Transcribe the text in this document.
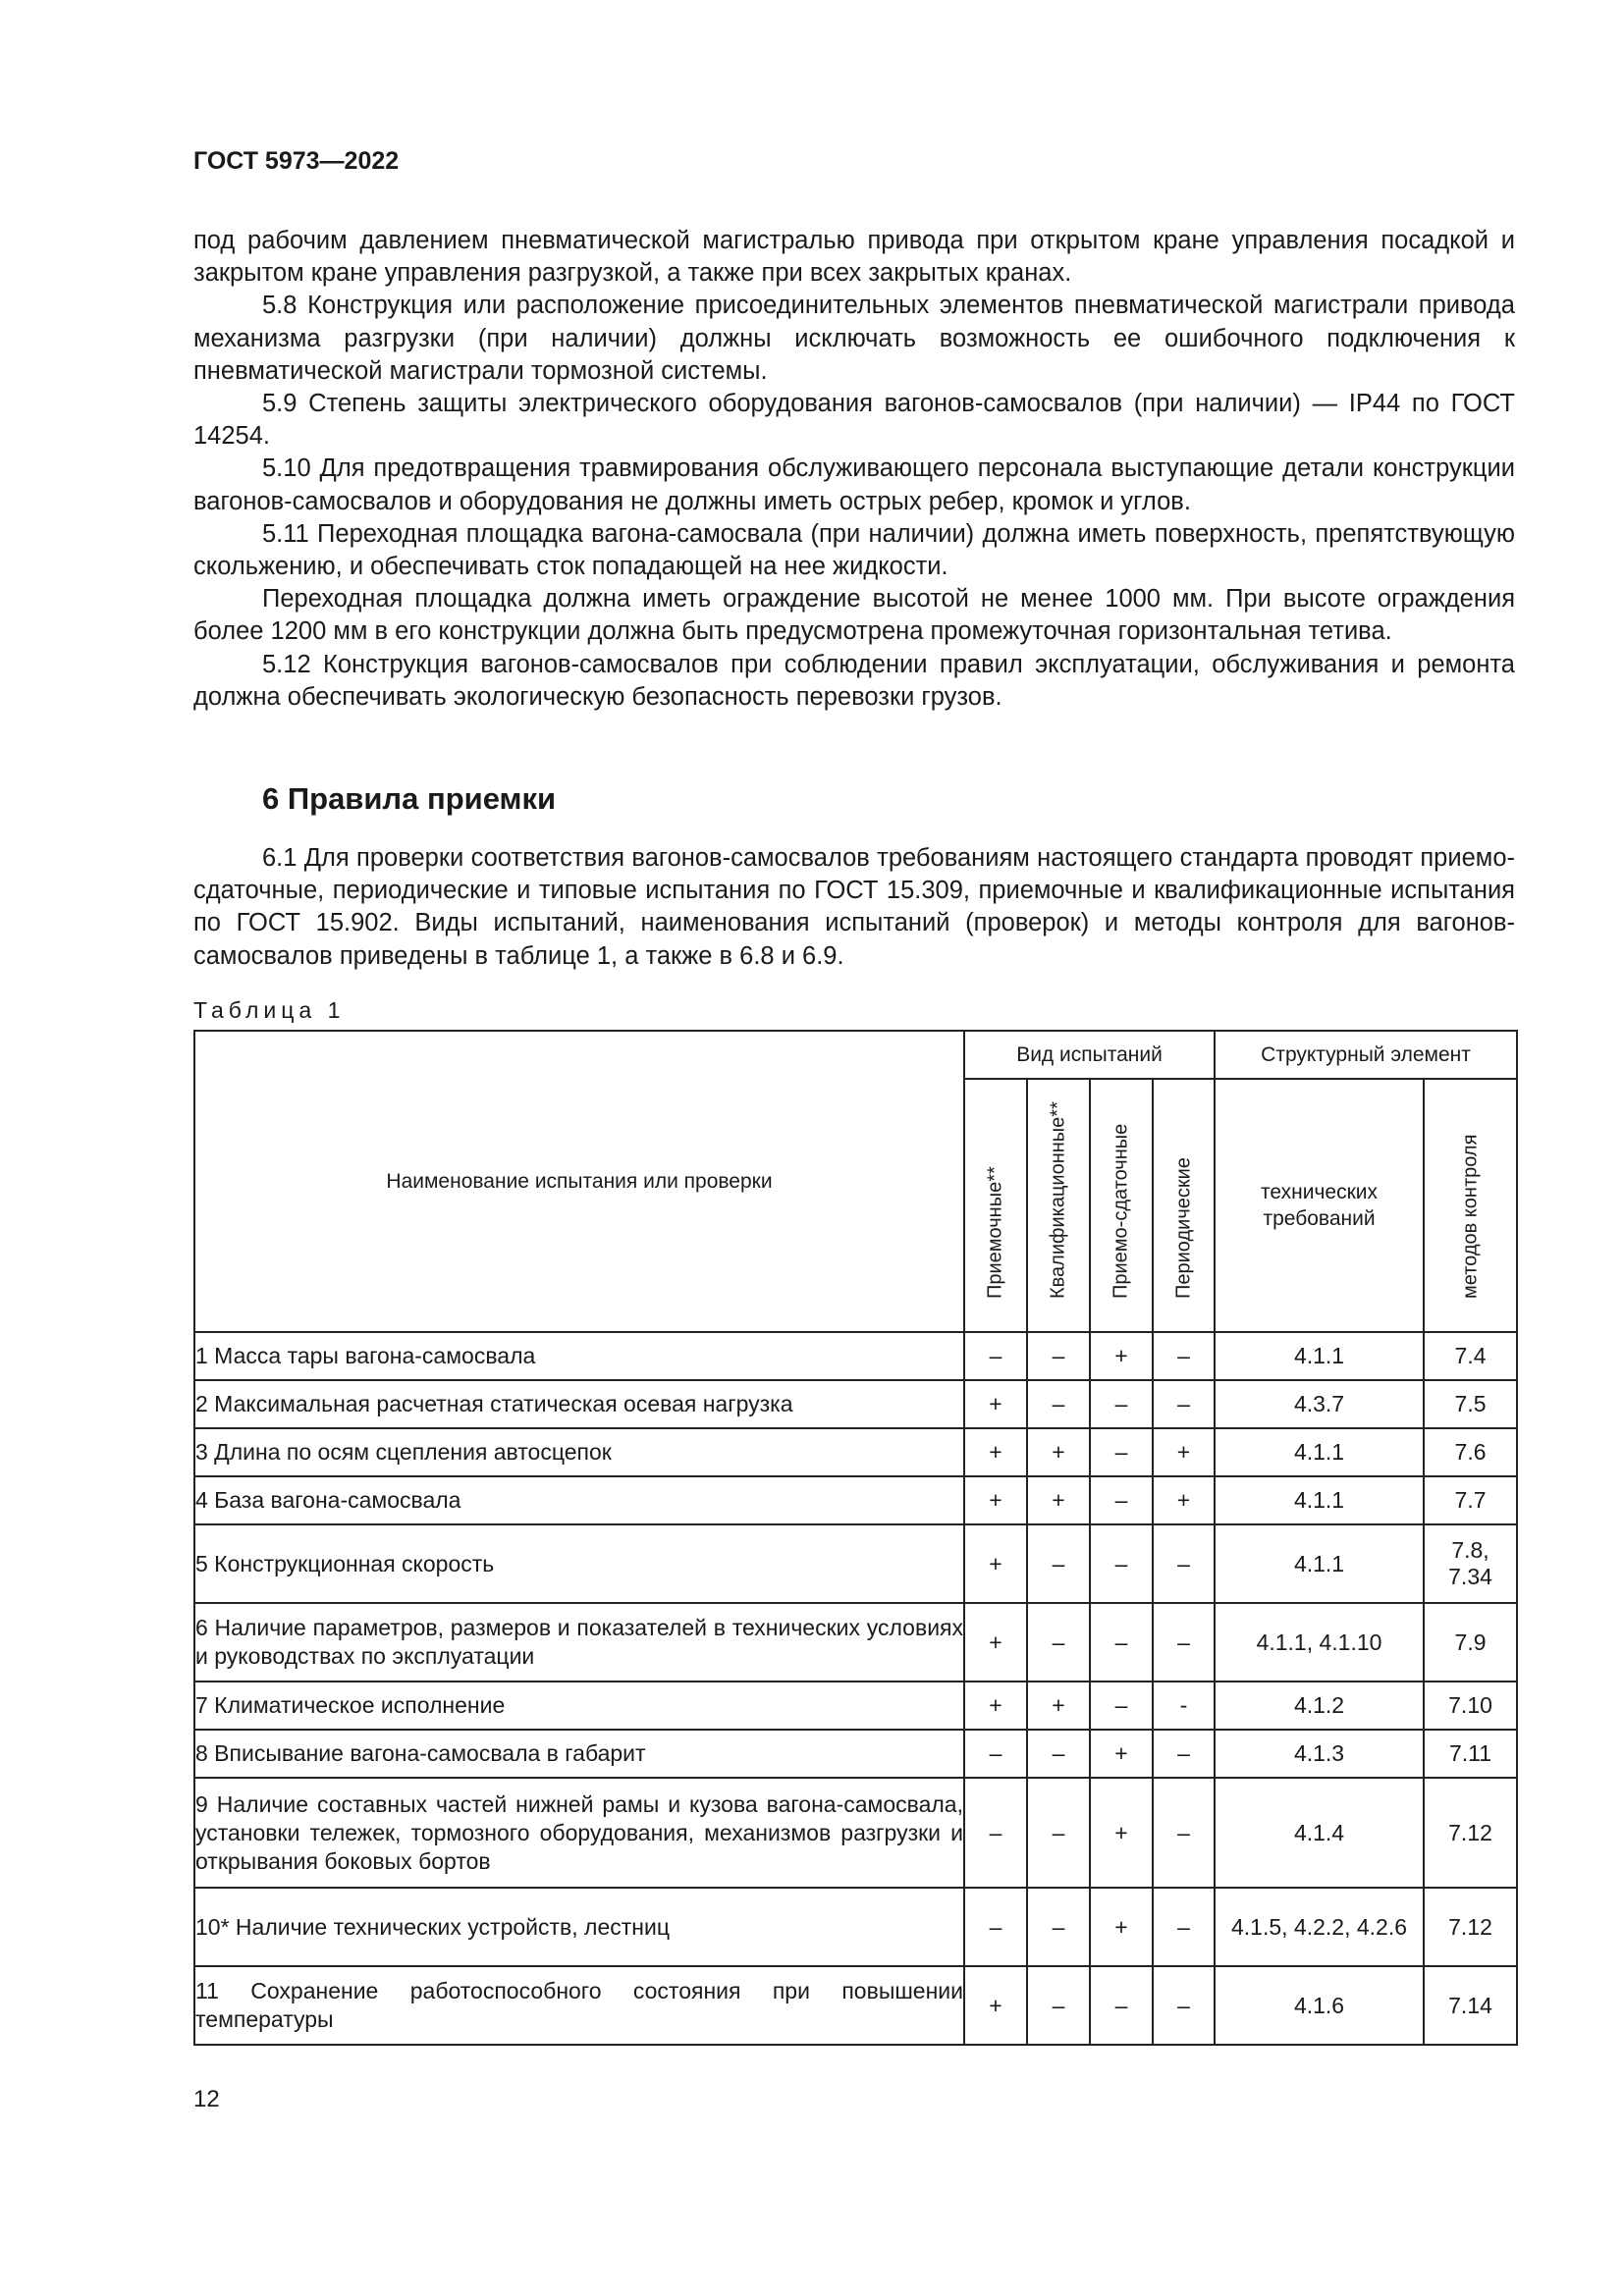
ГОСТ 5973—2022

под рабочим давлением пневматической магистралью привода при открытом кране управления посадкой и закрытом кране управления разгрузкой, а также при всех закрытых кранах.

5.8 Конструкция или расположение присоединительных элементов пневматической магистрали привода механизма разгрузки (при наличии) должны исключать возможность ее ошибочного подключения к пневматической магистрали тормозной системы.

5.9 Степень защиты электрического оборудования вагонов-самосвалов (при наличии) — IP44 по ГОСТ 14254.

5.10 Для предотвращения травмирования обслуживающего персонала выступающие детали конструкции вагонов-самосвалов и оборудования не должны иметь острых ребер, кромок и углов.

5.11 Переходная площадка вагона-самосвала (при наличии) должна иметь поверхность, препятствующую скольжению, и обеспечивать сток попадающей на нее жидкости.

Переходная площадка должна иметь ограждение высотой не менее 1000 мм. При высоте ограждения более 1200 мм в его конструкции должна быть предусмотрена промежуточная горизонтальная тетива.

5.12 Конструкция вагонов-самосвалов при соблюдении правил эксплуатации, обслуживания и ремонта должна обеспечивать экологическую безопасность перевозки грузов.

6 Правила приемки

6.1 Для проверки соответствия вагонов-самосвалов требованиям настоящего стандарта проводят приемо-сдаточные, периодические и типовые испытания по ГОСТ 15.309, приемочные и квалификационные испытания по ГОСТ 15.902. Виды испытаний, наименования испытаний (проверок) и методы контроля для вагонов-самосвалов приведены в таблице 1, а также в 6.8 и 6.9.

Таблица 1
Наименование испытания или проверки	Вид испытаний				Структурный элемент	

	Приемочные**	Квалификационные**	Приемо-сдаточные	Периодические	технических требований	методов контроля

1 Масса тары вагона-самосвала	–	–	+	–	4.1.1	7.4
2 Максимальная расчетная статическая осевая нагрузка	+	–	–	–	4.3.7	7.5
3 Длина по осям сцепления автосцепок	+	+	–	+	4.1.1	7.6
4 База вагона-самосвала	+	+	–	+	4.1.1	7.7
5 Конструкционная скорость	+	–	–	–	4.1.1	7.8, 7.34
6 Наличие параметров, размеров и показателей в технических условиях и руководствах по эксплуатации	+	–	–	–	4.1.1, 4.1.10	7.9
7 Климатическое исполнение	+	+	–	-	4.1.2	7.10
8 Вписывание вагона-самосвала в габарит	–	–	+	–	4.1.3	7.11
9 Наличие составных частей нижней рамы и кузова вагона-самосвала, установки тележек, тормозного оборудования, механизмов разгрузки и открывания боковых бортов	–	–	+	–	4.1.4	7.12
10* Наличие технических устройств, лестниц	–	–	+	–	4.1.5, 4.2.2, 4.2.6	7.12
11 Сохранение работоспособного состояния при повышении температуры	+	–	–	–	4.1.6	7.14
12
